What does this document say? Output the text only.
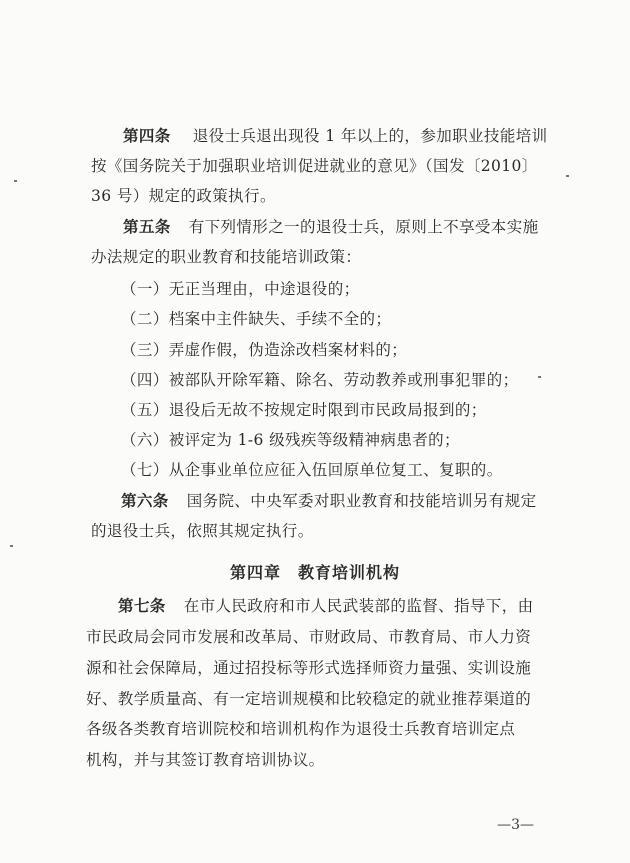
第四条 退役士兵退出现役 1 年以上的，参加职业技能培训
按《国务院关于加强职业培训促进就业的意见》（国发〔2010〕
36 号）规定的政策执行。
第五条 有下列情形之一的退役士兵，原则上不享受本实施
办法规定的职业教育和技能培训政策：
（一）无正当理由，中途退役的；
（二）档案中主件缺失、手续不全的；
（三）弄虚作假，伪造涂改档案材料的；
（四）被部队开除军籍、除名、劳动教养或刑事犯罪的；
（五）退役后无故不按规定时限到市民政局报到的；
（六）被评定为 1-6 级残疾等级精神病患者的；
（七）从企事业单位应征入伍回原单位复工、复职的。
第六条 国务院、中央军委对职业教育和技能培训另有规定
的退役士兵，依照其规定执行。
第四章　教育培训机构
第七条 在市人民政府和市人民武装部的监督、指导下，由
市民政局会同市发展和改革局、市财政局、市教育局、市人力资
源和社会保障局，通过招投标等形式选择师资力量强、实训设施
好、教学质量高、有一定培训规模和比较稳定的就业推荐渠道的
各级各类教育培训院校和培训机构作为退役士兵教育培训定点
机构，并与其签订教育培训协议。
—3—
